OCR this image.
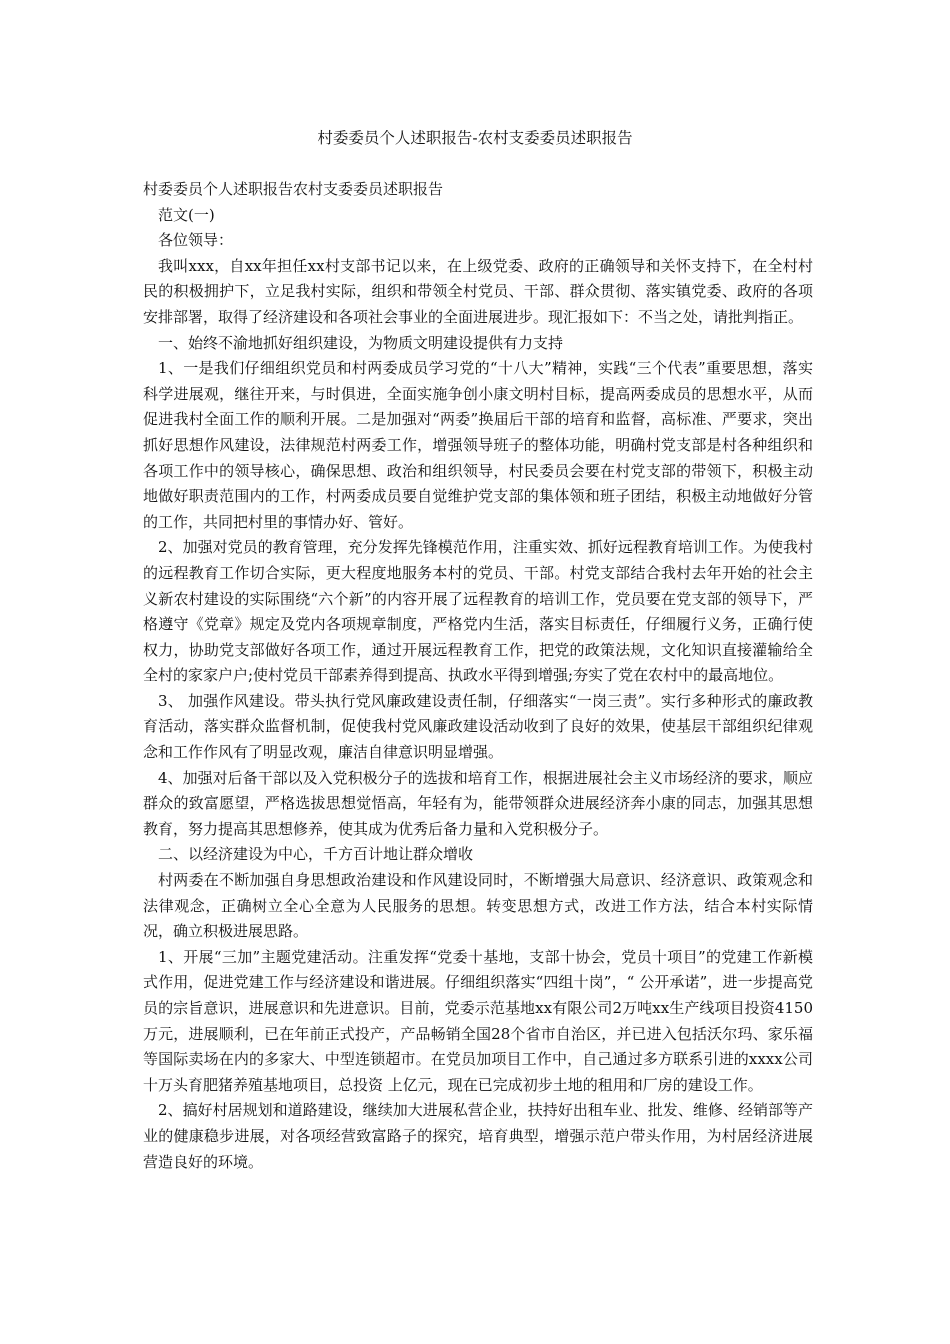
村委委员个人述职报告-农村支委委员述职报告

村委委员个人述职报告农村支委委员述职报告

范文(一)

各位领导：

我叫xxx，自xx年担任xx村支部书记以来，在上级党委、政府的正确领导和关怀支持下，在全村村民的积极拥护下，立足我村实际，组织和带领全村党员、干部、群众贯彻、落实镇党委、政府的各项安排部署，取得了经济建设和各项社会事业的全面进展进步。现汇报如下：不当之处，请批判指正。

一、始终不渝地抓好组织建设，为物质文明建设提供有力支持

1、一是我们仔细组织党员和村两委成员学习党的“十八大”精神，实践“三个代表”重要思想，落实科学进展观，继往开来，与时俱进，全面实施争创小康文明村目标，提高两委成员的思想水平，从而促进我村全面工作的顺利开展。二是加强对“两委”换届后干部的培育和监督，高标准、严要求，突出抓好思想作风建设，法律规范村两委工作，增强领导班子的整体功能，明确村党支部是村各种组织和各项工作中的领导核心，确保思想、政治和组织领导，村民委员会要在村党支部的带领下，积极主动地做好职责范围内的工作，村两委成员要自觉维护党支部的集体领和班子团结，积极主动地做好分管的工作，共同把村里的事情办好、管好。

2、加强对党员的教育管理，充分发挥先锋模范作用，注重实效、抓好远程教育培训工作。为使我村的远程教育工作切合实际，更大程度地服务本村的党员、干部。村党支部结合我村去年开始的社会主义新农村建设的实际围绕“六个新”的内容开展了远程教育的培训工作，党员要在党支部的领导下，严格遵守《党章》规定及党内各项规章制度，严格党内生活，落实目标责任，仔细履行义务，正确行使权力，协助党支部做好各项工作，通过开展远程教育工作，把党的政策法规，文化知识直接灌输给全全村的家家户户;使村党员干部素养得到提高、执政水平得到增强;夯实了党在农村中的最高地位。

3、 加强作风建设。带头执行党风廉政建设责任制，仔细落实“一岗三责”。实行多种形式的廉政教育活动，落实群众监督机制，促使我村党风廉政建设活动收到了良好的效果，使基层干部组织纪律观念和工作作风有了明显改观，廉洁自律意识明显增强。

4、加强对后备干部以及入党积极分子的选拔和培育工作，根据进展社会主义市场经济的要求，顺应群众的致富愿望，严格选拔思想觉悟高，年轻有为，能带领群众进展经济奔小康的同志，加强其思想教育，努力提高其思想修养，使其成为优秀后备力量和入党积极分子。

二、以经济建设为中心，千方百计地让群众增收

村两委在不断加强自身思想政治建设和作风建设同时，不断增强大局意识、经济意识、政策观念和法律观念，正确树立全心全意为人民服务的思想。转变思想方式，改进工作方法，结合本村实际情况，确立积极进展思路。

1、开展“三加”主题党建活动。注重发挥“党委十基地，支部十协会，党员十项目”的党建工作新模式作用，促进党建工作与经济建设和谐进展。仔细组织落实“四组十岗”，“ 公开承诺”，进一步提高党员的宗旨意识，进展意识和先进意识。目前，党委示范基地xx有限公司2万吨xx生产线项目投资4150万元，进展顺利，已在年前正式投产，产品畅销全国28个省市自治区，并已进入包括沃尔玛、家乐福等国际卖场在内的多家大、中型连锁超市。在党员加项目工作中，自己通过多方联系引进的xxxx公司十万头育肥猪养殖基地项目，总投资 上亿元，现在已完成初步土地的租用和厂房的建设工作。

2、搞好村居规划和道路建设，继续加大进展私营企业，扶持好出租车业、批发、维修、经销部等产业的健康稳步进展，对各项经营致富路子的探究，培育典型，增强示范户带头作用，为村居经济进展营造良好的环境。
